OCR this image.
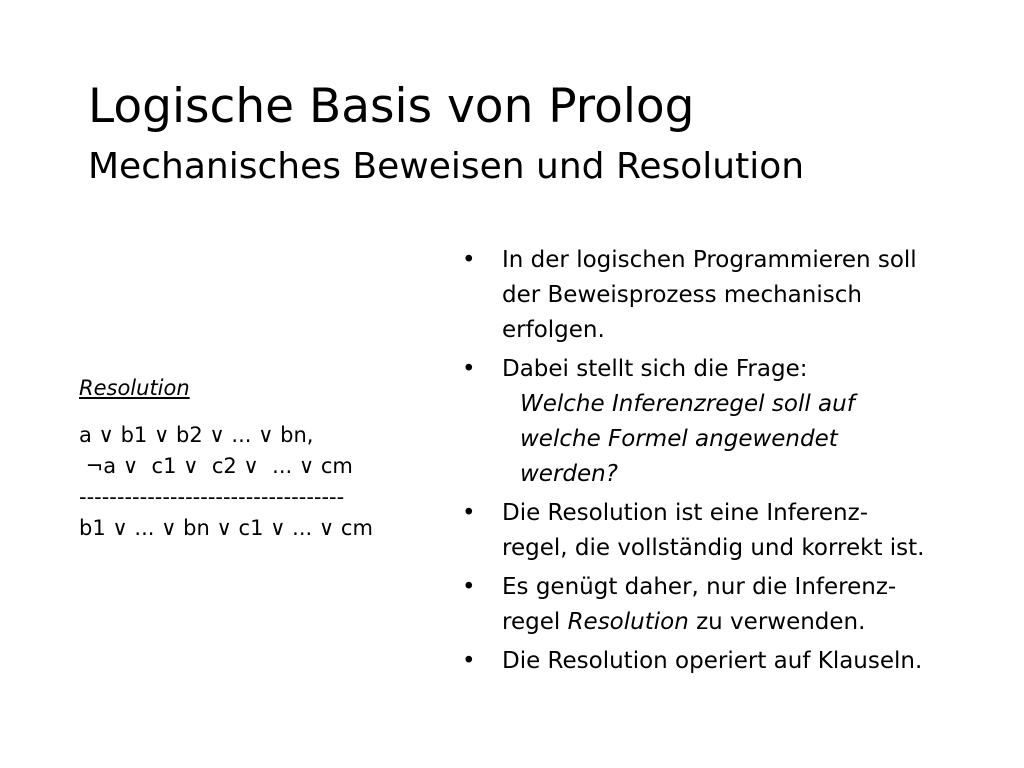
Logische Basis von Prolog
Mechanisches Beweisen und Resolution
Resolution
a ∨ b1 ∨ b2 ∨ ... ∨ bn,
¬a ∨  c1 ∨  c2 ∨  ... ∨ cm
-----------------------------------
b1 ∨ ... ∨ bn ∨ c1 ∨ ... ∨ cm
• In der logischen Programmieren soll
der Beweisprozess mechanisch
erfolgen.
• Dabei stellt sich die Frage:
Welche Inferenzregel soll auf
welche Formel angewendet
werden?
• Die Resolution ist eine Inferenz-
regel, die vollständig und korrekt ist.
• Es genügt daher, nur die Inferenz-
regel Resolution zu verwenden.
• Die Resolution operiert auf Klauseln.
